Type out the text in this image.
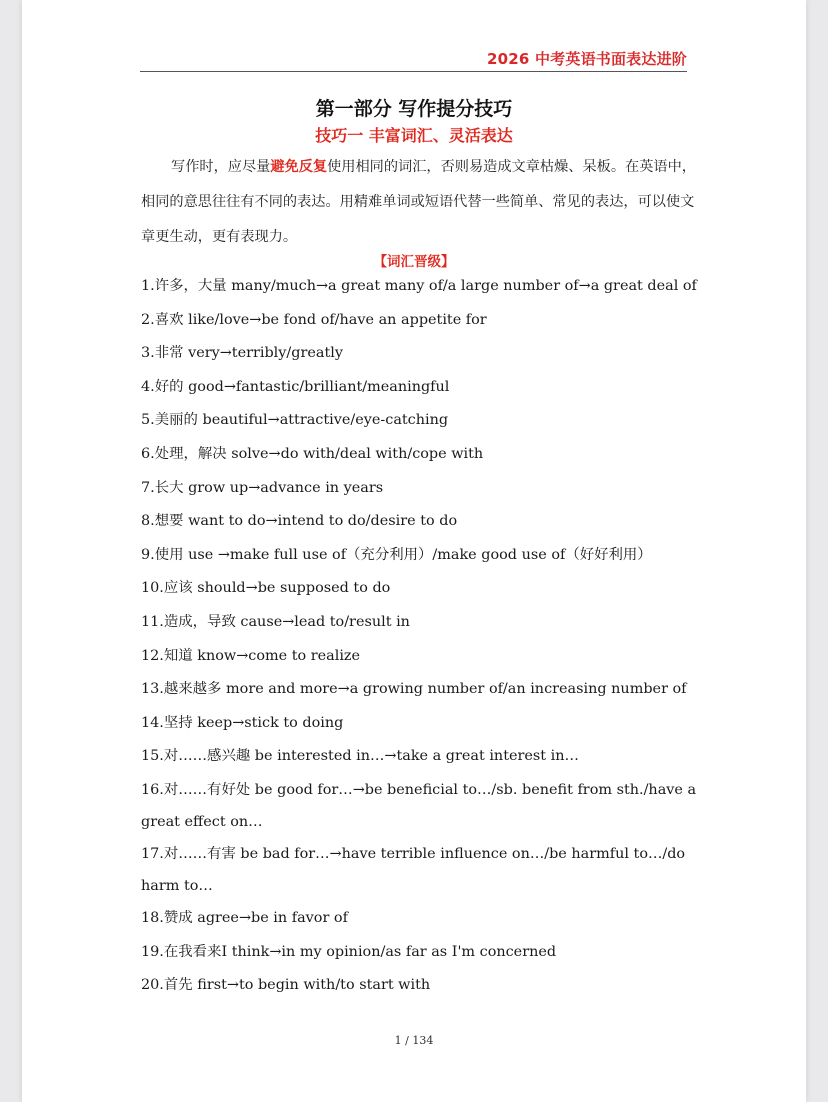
2026 中考英语书面表达进阶
第一部分 写作提分技巧
技巧一 丰富词汇、灵活表达
写作时，应尽量避免反复使用相同的词汇，否则易造成文章枯燥、呆板。在英语中，相同的意思往往有不同的表达。用精难单词或短语代替一些简单、常见的表达，可以使文章更生动，更有表现力。
【词汇晋级】
1.许多，大量 many/much→a great many of/a large number of→a great deal of
2.喜欢 like/love→be fond of/have an appetite for
3.非常 very→terribly/greatly
4.好的 good→fantastic/brilliant/meaningful
5.美丽的 beautiful→attractive/eye-catching
6.处理，解决 solve→do with/deal with/cope with
7.长大 grow up→advance in years
8.想要 want to do→intend to do/desire to do
9.使用 use →make full use of（充分利用）/make good use of（好好利用）
10.应该 should→be supposed to do
11.造成，导致 cause→lead to/result in
12.知道 know→come to realize
13.越来越多 more and more→a growing number of/an increasing number of
14.坚持 keep→stick to doing
15.对……感兴趣 be interested in…→take a great interest in…
16.对……有好处 be good for…→be beneficial to…/sb. benefit from sth./have a great effect on…
17.对……有害 be bad for…→have terrible influence on…/be harmful to…/do harm to…
18.赞成 agree→be in favor of
19.在我看来I think→in my opinion/as far as I'm concerned
20.首先 first→to begin with/to start with
1 / 134
